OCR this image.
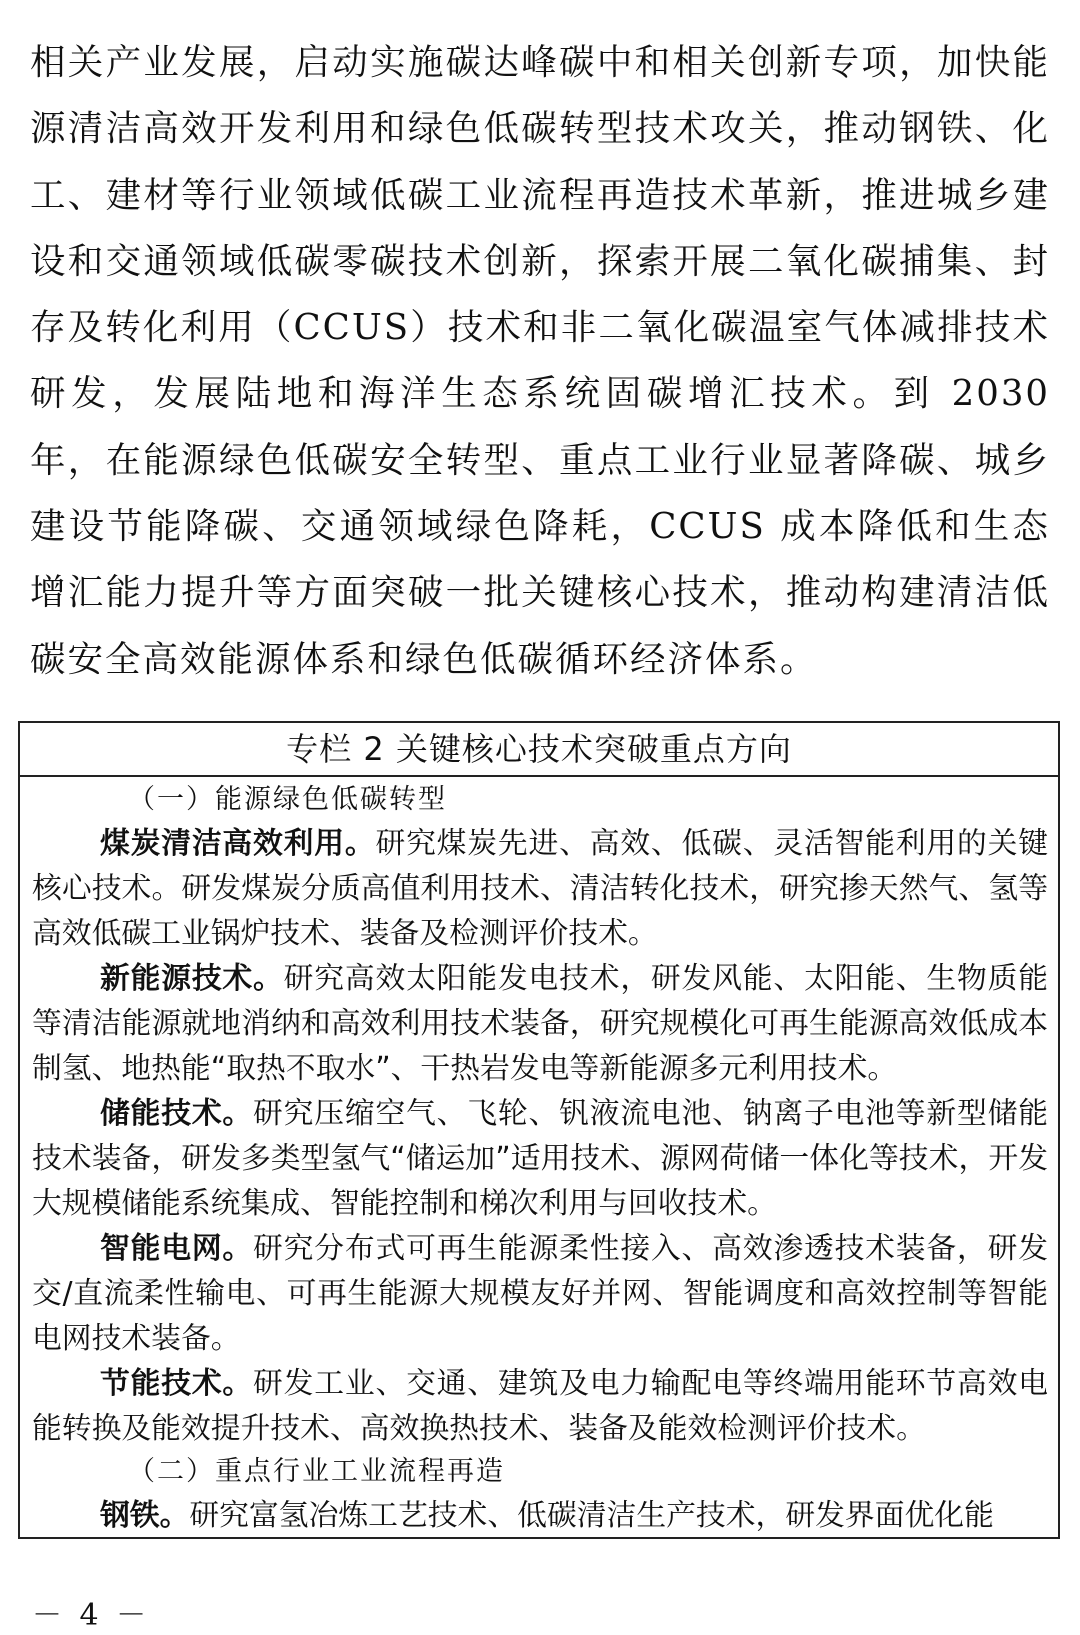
相关产业发展，启动实施碳达峰碳中和相关创新专项，加快能源清洁高效开发利用和绿色低碳转型技术攻关，推动钢铁、化工、建材等行业领域低碳工业流程再造技术革新，推进城乡建设和交通领域低碳零碳技术创新，探索开展二氧化碳捕集、封存及转化利用（CCUS）技术和非二氧化碳温室气体减排技术研发，发展陆地和海洋生态系统固碳增汇技术。到 2030 年，在能源绿色低碳安全转型、重点工业行业显著降碳、城乡建设节能降碳、交通领域绿色降耗，CCUS 成本降低和生态增汇能力提升等方面突破一批关键核心技术，推动构建清洁低碳安全高效能源体系和绿色低碳循环经济体系。

专栏 2 关键核心技术突破重点方向

（一）能源绿色低碳转型

煤炭清洁高效利用。研究煤炭先进、高效、低碳、灵活智能利用的关键核心技术。研发煤炭分质高值利用技术、清洁转化技术，研究掺天然气、氢等高效低碳工业锅炉技术、装备及检测评价技术。

新能源技术。研究高效太阳能发电技术，研发风能、太阳能、生物质能等清洁能源就地消纳和高效利用技术装备，研究规模化可再生能源高效低成本制氢、地热能“取热不取水”、干热岩发电等新能源多元利用技术。

储能技术。研究压缩空气、飞轮、钒液流电池、钠离子电池等新型储能技术装备，研发多类型氢气“储运加”适用技术、源网荷储一体化等技术，开发大规模储能系统集成、智能控制和梯次利用与回收技术。

智能电网。研究分布式可再生能源柔性接入、高效渗透技术装备，研发交/直流柔性输电、可再生能源大规模友好并网、智能调度和高效控制等智能电网技术装备。

节能技术。研发工业、交通、建筑及电力输配电等终端用能环节高效电能转换及能效提升技术、高效换热技术、装备及能效检测评价技术。

（二）重点行业工业流程再造

钢铁。研究富氢冶炼工艺技术、低碳清洁生产技术，研发界面优化能

－ 4 －
